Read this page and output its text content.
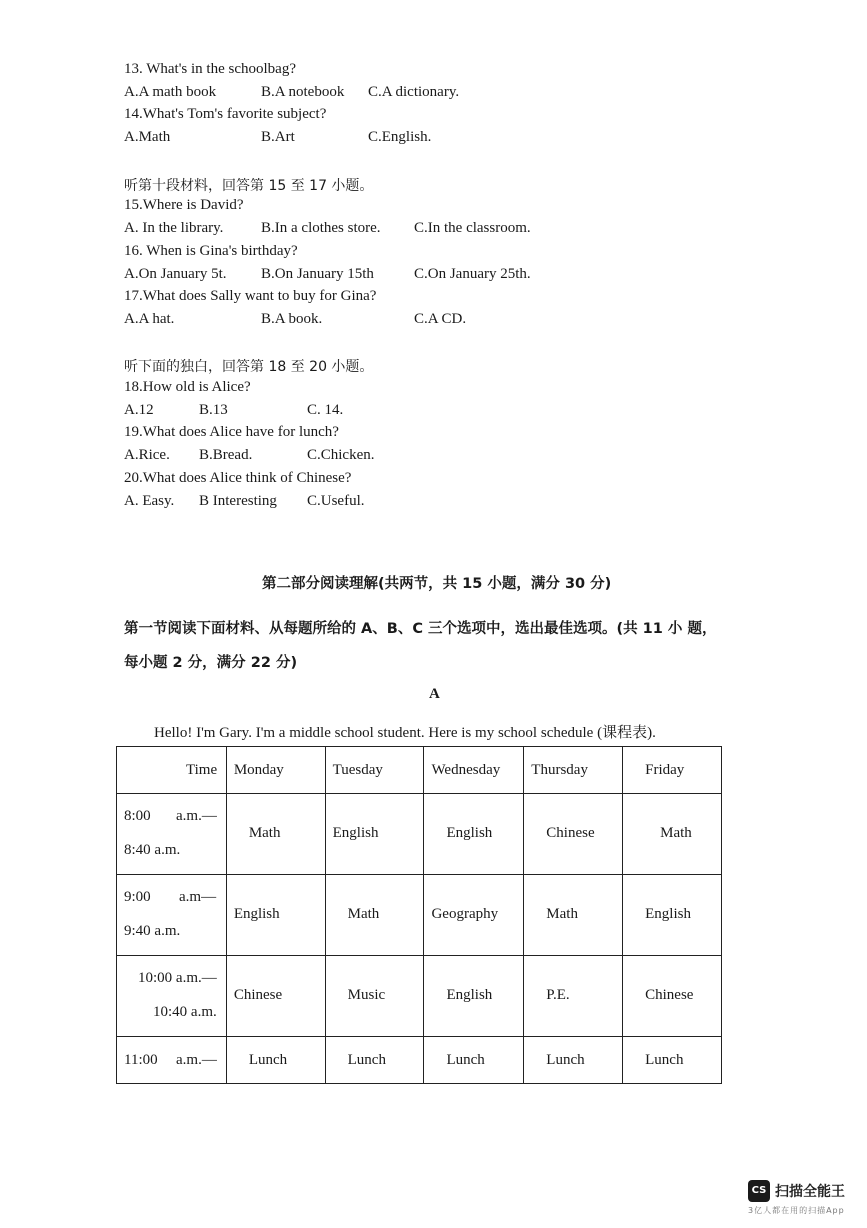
13. What's in the schoolbag?
A.A math book	B.A notebook C.A dictionary.
14.What's Tom's favorite subject?
A.Math	B.Art	C.English.
听第十段材料，回答第 15 至 17 小题。
15.Where is David?
A. In the library.	B.In a clothes store. C.In the classroom.
16. When is Gina's birthday?
A.On January 5t. B.On January 15th	C.On January 25th.
17.What does Sally want to buy for Gina?
A.A hat.	B.A book.	C.A CD.
听下面的独白，回答第 18 至 20 小题。
18.How old is Alice?
A.12	B.13	C. 14.
19.What does Alice have for lunch?
A.Rice. B.Bread.	C.Chicken.
20.What does Alice think of Chinese?
A. Easy. B Interesting C.Useful.
第二部分阅读理解(共两节，共 15 小题，满分 30 分)
第一节阅读下面材料、从每题所给的 A、B、C 三个选项中，选出最佳选项。(共 11 小 题，
每小题 2 分，满分 22 分)
A
Hello! I'm Gary. I'm a middle school student. Here is my school schedule (课程表).
Time	Monday	Tuesday	Wednesday	Thursday	Friday

8:00 a.m.—
8:40 a.m.	Math	English	English	Chinese	Math

9:00 a.m—
9:40 a.m.	English	Math	Geography	Math	English

10:00 a.m.—
10:40 a.m.	Chinese	Music	English	P.E.	Chinese

11:00 a.m.—	Lunch	Lunch	Lunch	Lunch	Lunch
CS 扫描全能王
3亿人都在用的扫描App
